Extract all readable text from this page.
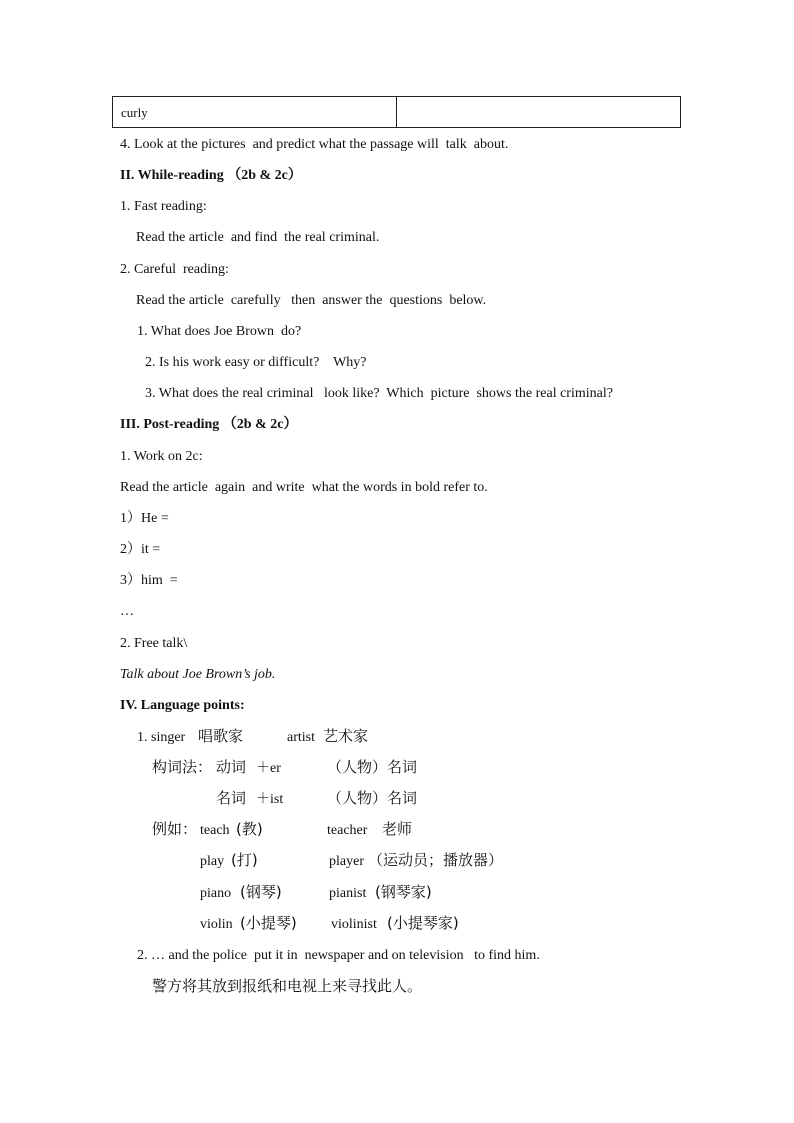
curly
4. Look at the pictures  and predict what the passage will  talk  about.
II. While-reading （2b & 2c）
1. Fast reading:
Read the article  and find  the real criminal.
2. Careful  reading:
Read the article  carefully   then  answer the  questions  below.
1. What does Joe Brown  do?
2. Is his work easy or difficult?    Why?
3. What does the real criminal   look like?  Which  picture  shows the real criminal?
III. Post-reading （2b & 2c）
1. Work on 2c:
Read the article  again  and write  what the words in bold refer to.
1）He =
2）it =
3）him  =
…
2. Free talk\
Talk about Joe Brown’s job.
IV. Language points:
1. singer 唱歌家	artist 艺术家
构词法： 动词 ＋er	（人物）名词
名词 ＋ist	（人物）名词
例如： teach (教)	teacher 老师
play (打)	player （运动员；播放器）
piano (钢琴)	pianist (钢琴家)
violin (小提琴) violinist (小提琴家)
2. … and the police  put it in  newspaper and on television   to find him.
警方将其放到报纸和电视上来寻找此人。
